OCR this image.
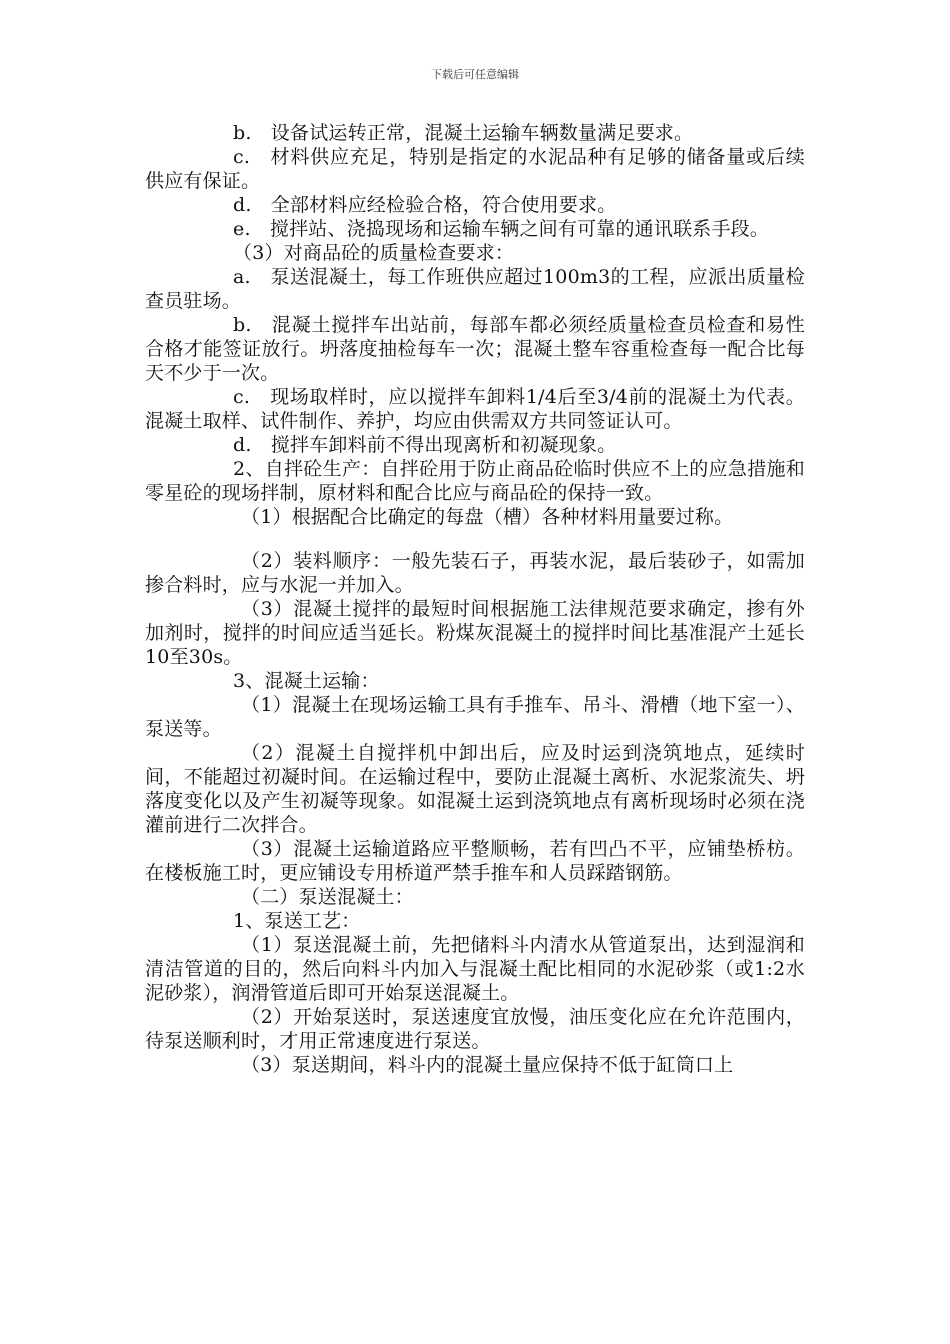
下载后可任意编辑

b.　设备试运转正常，混凝土运输车辆数量满足要求。

c.　材料供应充足，特别是指定的水泥品种有足够的储备量或后续供应有保证。

d.　全部材料应经检验合格，符合使用要求。

e.　搅拌站、浇捣现场和运输车辆之间有可靠的通讯联系手段。

（3）对商品砼的质量检查要求：

a.　泵送混凝土，每工作班供应超过100m3的工程，应派出质量检查员驻场。

b.　混凝土搅拌车出站前，每部车都必须经质量检查员检查和易性合格才能签证放行。坍落度抽检每车一次；混凝土整车容重检查每一配合比每天不少于一次。

c.　现场取样时，应以搅拌车卸料1/4后至3/4前的混凝土为代表。混凝土取样、试件制作、养护，均应由供需双方共同签证认可。

d.　搅拌车卸料前不得出现离析和初凝现象。

2、自拌砼生产：自拌砼用于防止商品砼临时供应不上的应急措施和零星砼的现场拌制，原材料和配合比应与商品砼的保持一致。

（1）根据配合比确定的每盘（槽）各种材料用量要过称。

（2）装料顺序：一般先装石子，再装水泥，最后装砂子，如需加掺合料时，应与水泥一并加入。

（3）混凝土搅拌的最短时间根据施工法律规范要求确定，掺有外加剂时，搅拌的时间应适当延长。粉煤灰混凝土的搅拌时间比基准混产土延长10至30s。

3、混凝土运输：

（1）混凝土在现场运输工具有手推车、吊斗、滑槽（地下室一）、泵送等。

（2）混凝土自搅拌机中卸出后，应及时运到浇筑地点，延续时间，不能超过初凝时间。在运输过程中，要防止混凝土离析、水泥浆流失、坍落度变化以及产生初凝等现象。如混凝土运到浇筑地点有离析现场时必须在浇灌前进行二次拌合。

（3）混凝土运输道路应平整顺畅，若有凹凸不平，应铺垫桥枋。在楼板施工时，更应铺设专用桥道严禁手推车和人员踩踏钢筋。

（二）泵送混凝土：

1、泵送工艺：

（1）泵送混凝土前，先把储料斗内清水从管道泵出，达到湿润和清洁管道的目的，然后向料斗内加入与混凝土配比相同的水泥砂浆（或1:2水泥砂浆），润滑管道后即可开始泵送混凝土。

（2）开始泵送时，泵送速度宜放慢，油压变化应在允许范围内，待泵送顺利时，才用正常速度进行泵送。

（3）泵送期间，料斗内的混凝土量应保持不低于缸筒口上
